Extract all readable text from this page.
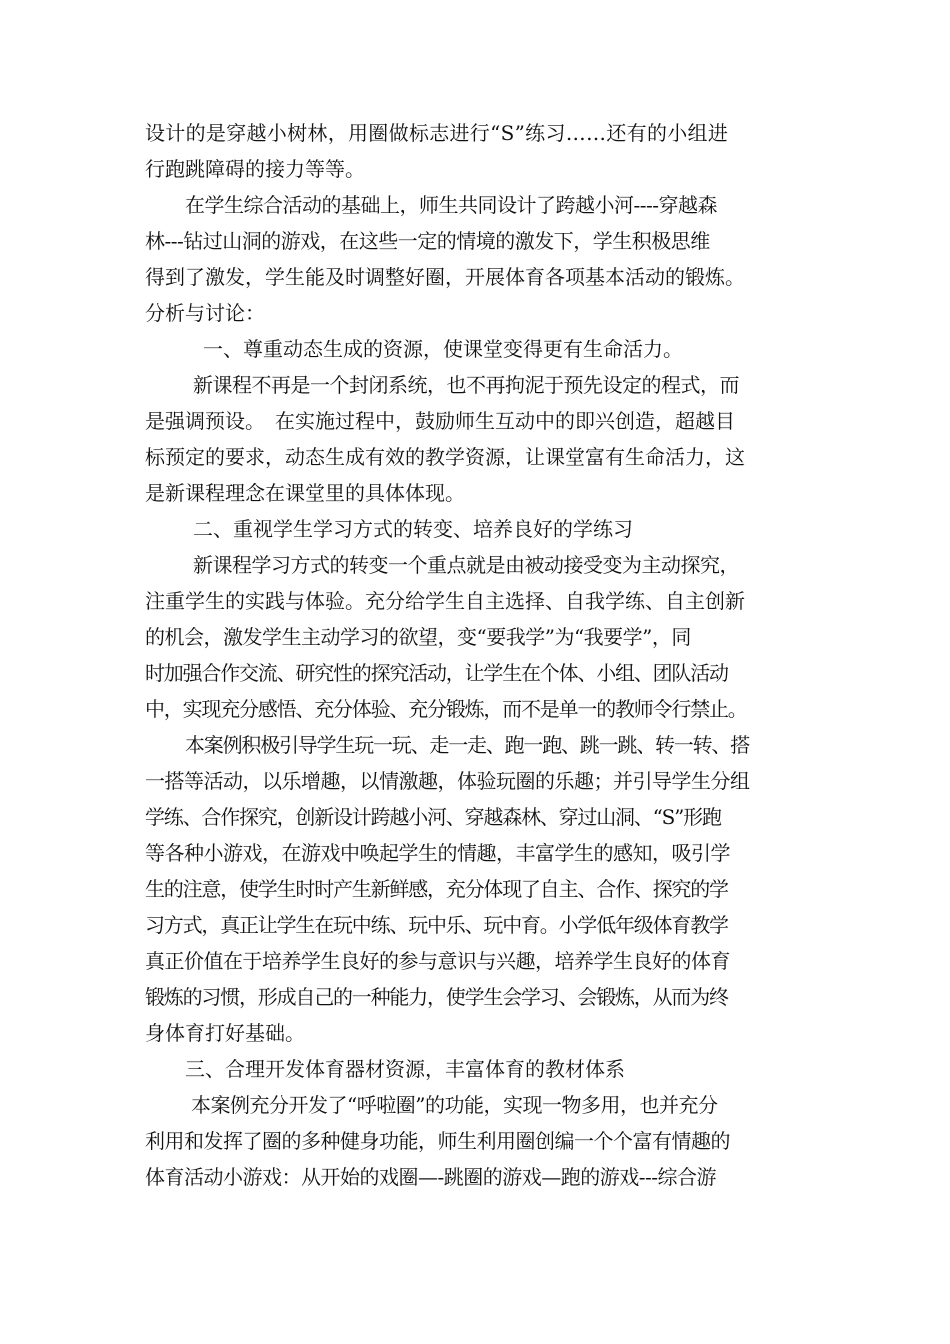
设计的是穿越小树林，用圈做标志进行“S”练习……还有的小组进
行跑跳障碍的接力等等。
在学生综合活动的基础上，师生共同设计了跨越小河----穿越森
林---钻过山洞的游戏，在这些一定的情境的激发下，学生积极思维
得到了激发，学生能及时调整好圈，开展体育各项基本活动的锻炼。
分析与讨论：
一、尊重动态生成的资源，使课堂变得更有生命活力。
新课程不再是一个封闭系统，也不再拘泥于预先设定的程式，而
是强调预设。　在实施过程中，鼓励师生互动中的即兴创造，超越目
标预定的要求，动态生成有效的教学资源，让课堂富有生命活力，这
是新课程理念在课堂里的具体体现。
二、重视学生学习方式的转变、培养良好的学练习
新课程学习方式的转变一个重点就是由被动接受变为主动探究，
注重学生的实践与体验。充分给学生自主选择、自我学练、自主创新
的机会，激发学生主动学习的欲望，变“要我学”为“我要学”，同
时加强合作交流、研究性的探究活动，让学生在个体、小组、团队活动
中，实现充分感悟、充分体验、充分锻炼，而不是单一的教师令行禁止。
本案例积极引导学生玩一玩、走一走、跑一跑、跳一跳、转一转、搭
一搭等活动，以乐增趣，以情激趣，体验玩圈的乐趣；并引导学生分组
学练、合作探究，创新设计跨越小河、穿越森林、穿过山洞、“S”形跑
等各种小游戏，在游戏中唤起学生的情趣，丰富学生的感知，吸引学
生的注意，使学生时时产生新鲜感，充分体现了自主、合作、探究的学
习方式，真正让学生在玩中练、玩中乐、玩中育。小学低年级体育教学
真正价值在于培养学生良好的参与意识与兴趣，培养学生良好的体育
锻炼的习惯，形成自己的一种能力，使学生会学习、会锻炼，从而为终
身体育打好基础。
三、合理开发体育器材资源，丰富体育的教材体系
本案例充分开发了“呼啦圈”的功能，实现一物多用，也并充分
利用和发挥了圈的多种健身功能，师生利用圈创编一个个富有情趣的
体育活动小游戏：从开始的戏圈—-跳圈的游戏—跑的游戏---综合游
